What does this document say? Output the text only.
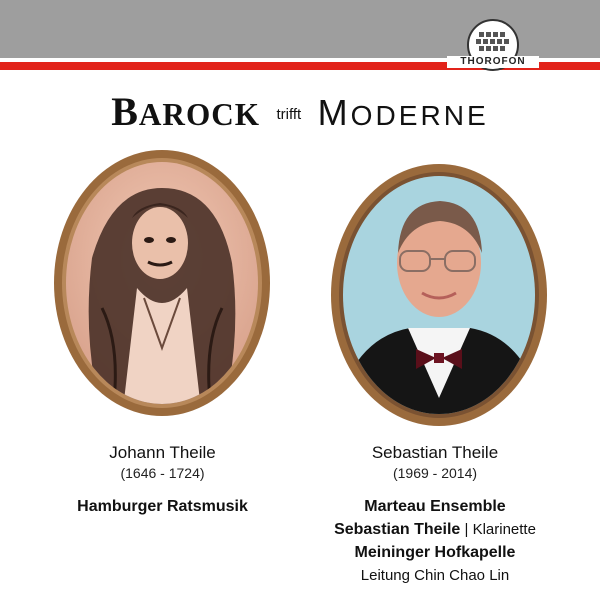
THOROFON
BAROCK trifft MODERNE
Johann Theile
(1646 - 1724)
Hamburger Ratsmusik
Sebastian Theile
(1969 - 2014)
Marteau Ensemble
Sebastian Theile | Klarinette
Meininger Hofkapelle
Leitung Chin Chao Lin
